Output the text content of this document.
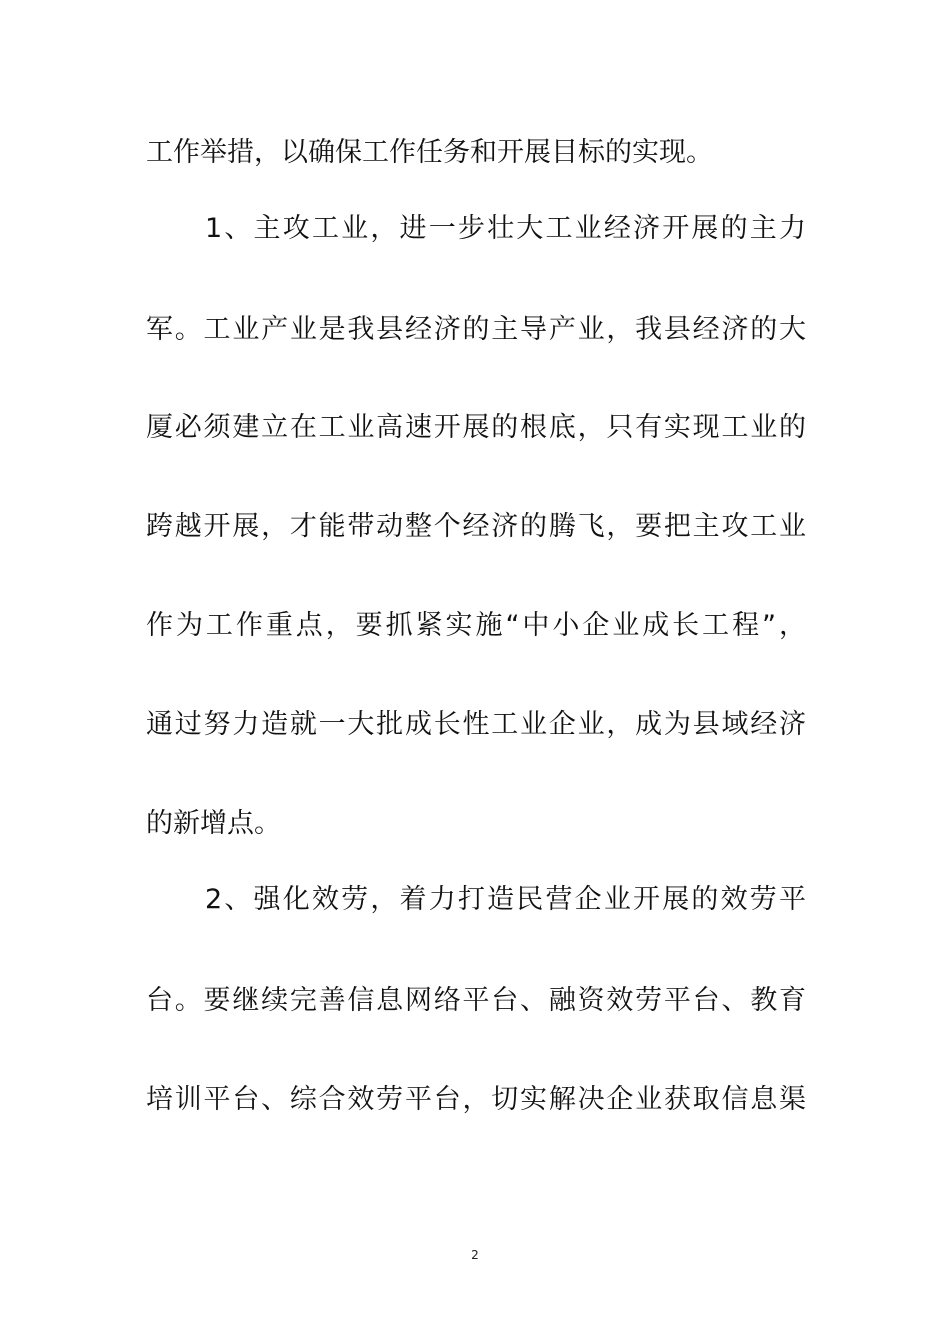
工作举措，以确保工作任务和开展目标的实现。
1、主攻工业，进一步壮大工业经济开展的主力
军。工业产业是我县经济的主导产业，我县经济的大
厦必须建立在工业高速开展的根底，只有实现工业的
跨越开展，才能带动整个经济的腾飞，要把主攻工业
作为工作重点，要抓紧实施“中小企业成长工程”，
通过努力造就一大批成长性工业企业，成为县域经济
的新增点。
2、强化效劳，着力打造民营企业开展的效劳平
台。要继续完善信息网络平台、融资效劳平台、教育
培训平台、综合效劳平台，切实解决企业获取信息渠
2
